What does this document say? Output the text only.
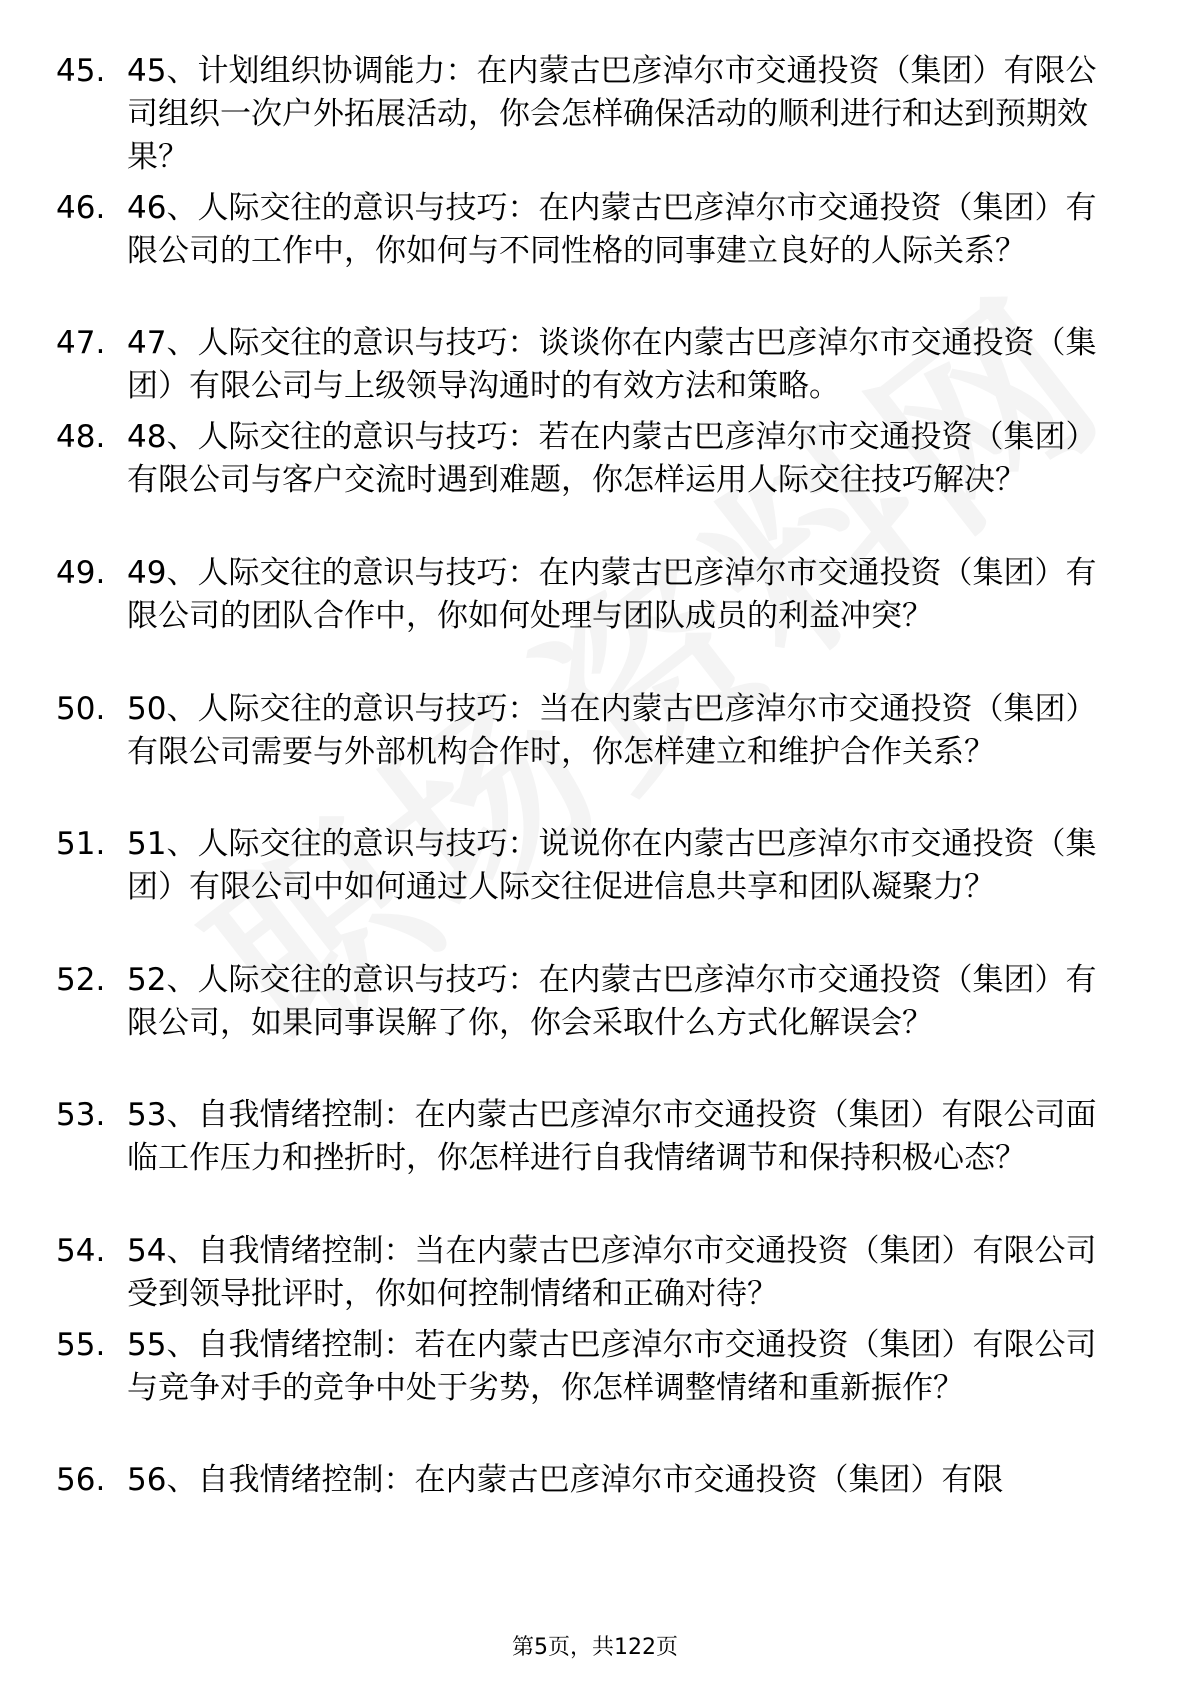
45. 45、计划组织协调能力：在内蒙古巴彦淖尔市交通投资（集团）有限公司组织一次户外拓展活动，你会怎样确保活动的顺利进行和达到预期效果？
46. 46、人际交往的意识与技巧：在内蒙古巴彦淖尔市交通投资（集团）有限公司的工作中，你如何与不同性格的同事建立良好的人际关系？
47. 47、人际交往的意识与技巧：谈谈你在内蒙古巴彦淖尔市交通投资（集团）有限公司与上级领导沟通时的有效方法和策略。
48. 48、人际交往的意识与技巧：若在内蒙古巴彦淖尔市交通投资（集团）有限公司与客户交流时遇到难题，你怎样运用人际交往技巧解决？
49. 49、人际交往的意识与技巧：在内蒙古巴彦淖尔市交通投资（集团）有限公司的团队合作中，你如何处理与团队成员的利益冲突？
50. 50、人际交往的意识与技巧：当在内蒙古巴彦淖尔市交通投资（集团）有限公司需要与外部机构合作时，你怎样建立和维护合作关系？
51. 51、人际交往的意识与技巧：说说你在内蒙古巴彦淖尔市交通投资（集团）有限公司中如何通过人际交往促进信息共享和团队凝聚力？
52. 52、人际交往的意识与技巧：在内蒙古巴彦淖尔市交通投资（集团）有限公司，如果同事误解了你，你会采取什么方式化解误会？
53. 53、自我情绪控制：在内蒙古巴彦淖尔市交通投资（集团）有限公司面临工作压力和挫折时，你怎样进行自我情绪调节和保持积极心态？
54. 54、自我情绪控制：当在内蒙古巴彦淖尔市交通投资（集团）有限公司受到领导批评时，你如何控制情绪和正确对待？
55. 55、自我情绪控制：若在内蒙古巴彦淖尔市交通投资（集团）有限公司与竞争对手的竞争中处于劣势，你怎样调整情绪和重新振作？
56. 56、自我情绪控制：在内蒙古巴彦淖尔市交通投资（集团）有限
第5页，共122页
